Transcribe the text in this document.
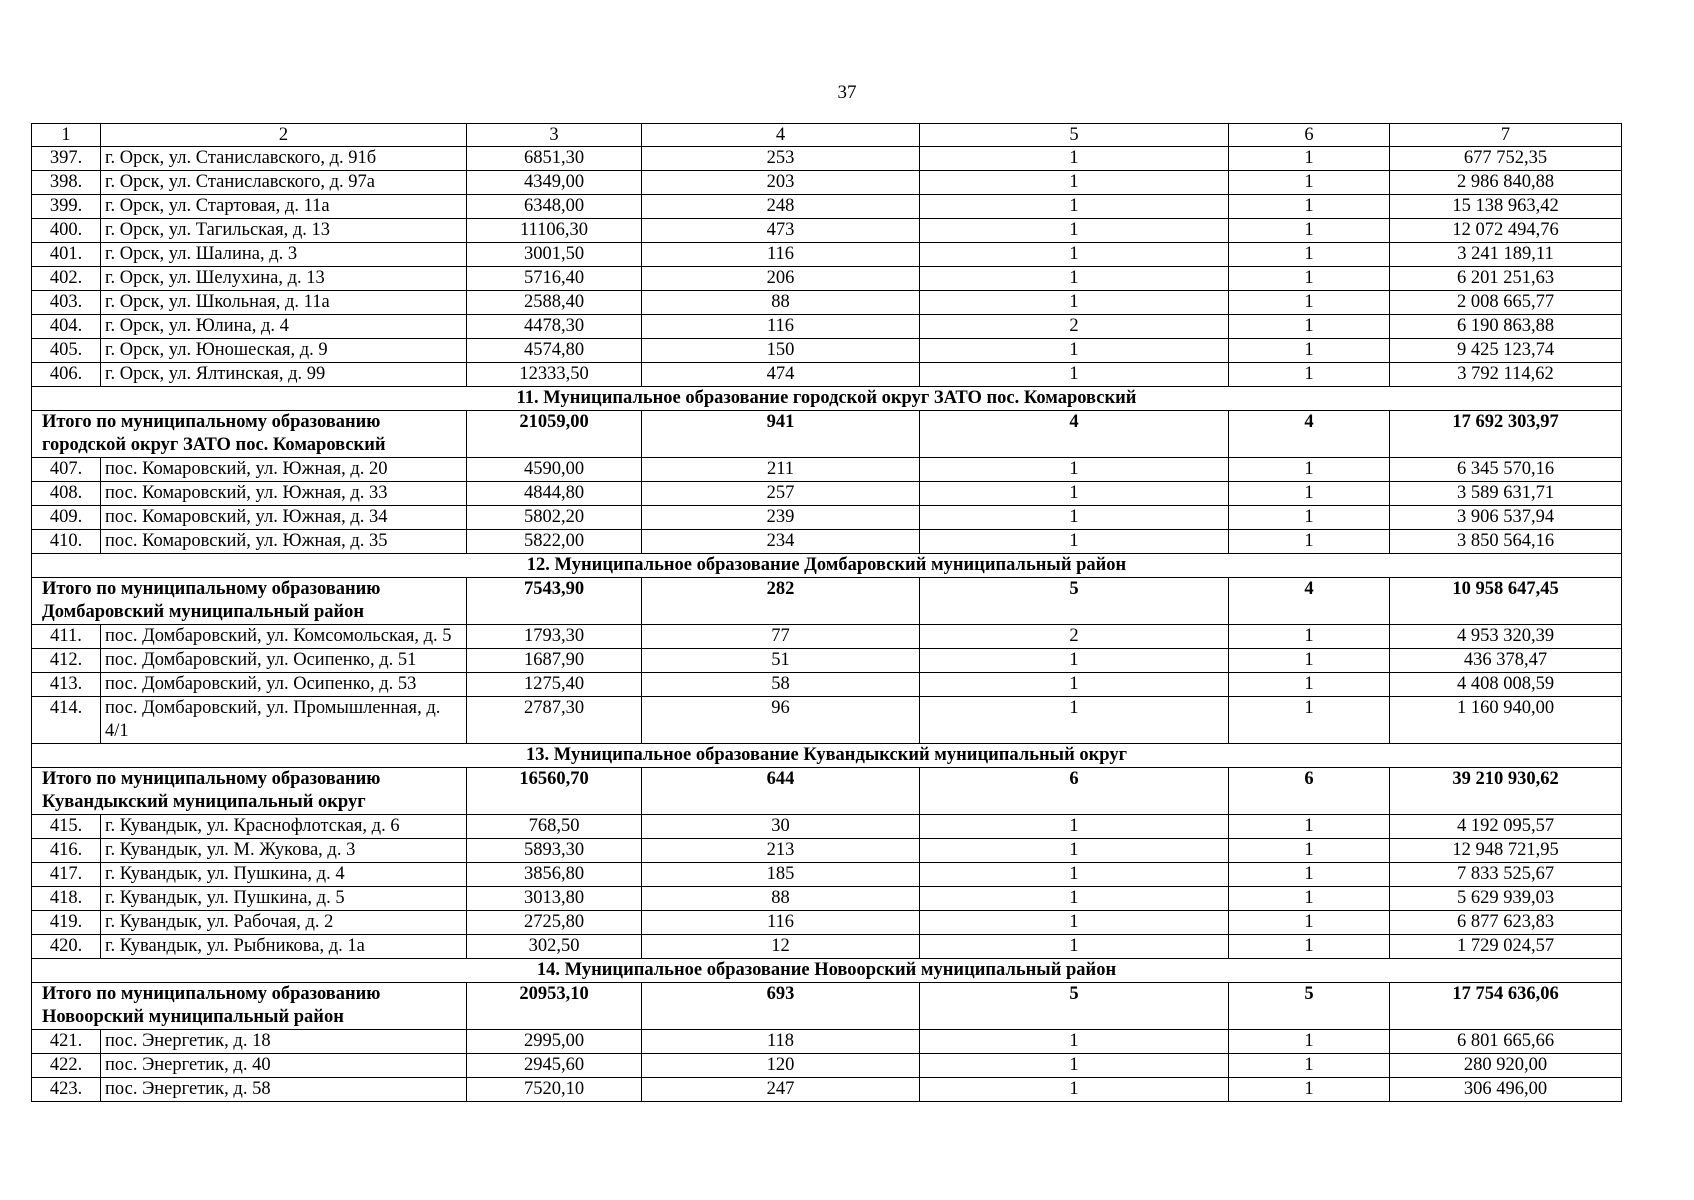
37
1	2	3	4	5	6	7
397.	г. Орск, ул. Станиславского, д. 91б	6851,30	253	1	1	677 752,35
398.	г. Орск, ул. Станиславского, д. 97а	4349,00	203	1	1	2 986 840,88
399.	г. Орск, ул. Стартовая, д. 11а	6348,00	248	1	1	15 138 963,42
400.	г. Орск, ул. Тагильская, д. 13	11106,30	473	1	1	12 072 494,76
401.	г. Орск, ул. Шалина, д. 3	3001,50	116	1	1	3 241 189,11
402.	г. Орск, ул. Шелухина, д. 13	5716,40	206	1	1	6 201 251,63
403.	г. Орск, ул. Школьная, д. 11а	2588,40	88	1	1	2 008 665,77
404.	г. Орск, ул. Юлина, д. 4	4478,30	116	2	1	6 190 863,88
405.	г. Орск, ул. Юношеская, д. 9	4574,80	150	1	1	9 425 123,74
406.	г. Орск, ул. Ялтинская, д. 99	12333,50	474	1	1	3 792 114,62
11. Муниципальное образование городской округ ЗАТО пос. Комаровский						
Итого по муниципальному образованию городской округ ЗАТО пос. Комаровский		21059,00	941	4	4	17 692 303,97
407.	пос. Комаровский, ул. Южная, д. 20	4590,00	211	1	1	6 345 570,16
408.	пос. Комаровский, ул. Южная, д. 33	4844,80	257	1	1	3 589 631,71
409.	пос. Комаровский, ул. Южная, д. 34	5802,20	239	1	1	3 906 537,94
410.	пос. Комаровский, ул. Южная, д. 35	5822,00	234	1	1	3 850 564,16
12. Муниципальное образование Домбаровский муниципальный район						
Итого по муниципальному образованию Домбаровский муниципальный район		7543,90	282	5	4	10 958 647,45
411.	пос. Домбаровский, ул. Комсомольская, д. 5	1793,30	77	2	1	4 953 320,39
412.	пос. Домбаровский, ул. Осипенко, д. 51	1687,90	51	1	1	436 378,47
413.	пос. Домбаровский, ул. Осипенко, д. 53	1275,40	58	1	1	4 408 008,59
414.	пос. Домбаровский, ул. Промышленная, д. 4/1	2787,30	96	1	1	1 160 940,00
13. Муниципальное образование Кувандыкский муниципальный округ						
Итого по муниципальному образованию Кувандыкский муниципальный округ		16560,70	644	6	6	39 210 930,62
415.	г. Кувандык, ул. Краснофлотская, д. 6	768,50	30	1	1	4 192 095,57
416.	г. Кувандык, ул. М. Жукова, д. 3	5893,30	213	1	1	12 948 721,95
417.	г. Кувандык, ул. Пушкина, д. 4	3856,80	185	1	1	7 833 525,67
418.	г. Кувандык, ул. Пушкина, д. 5	3013,80	88	1	1	5 629 939,03
419.	г. Кувандык, ул. Рабочая, д. 2	2725,80	116	1	1	6 877 623,83
420.	г. Кувандык, ул. Рыбникова, д. 1а	302,50	12	1	1	1 729 024,57
14. Муниципальное образование Новоорский муниципальный район						
Итого по муниципальному образованию Новоорский муниципальный район		20953,10	693	5	5	17 754 636,06
421.	пос. Энергетик, д. 18	2995,00	118	1	1	6 801 665,66
422.	пос. Энергетик, д. 40	2945,60	120	1	1	280 920,00
423.	пос. Энергетик, д. 58	7520,10	247	1	1	306 496,00
